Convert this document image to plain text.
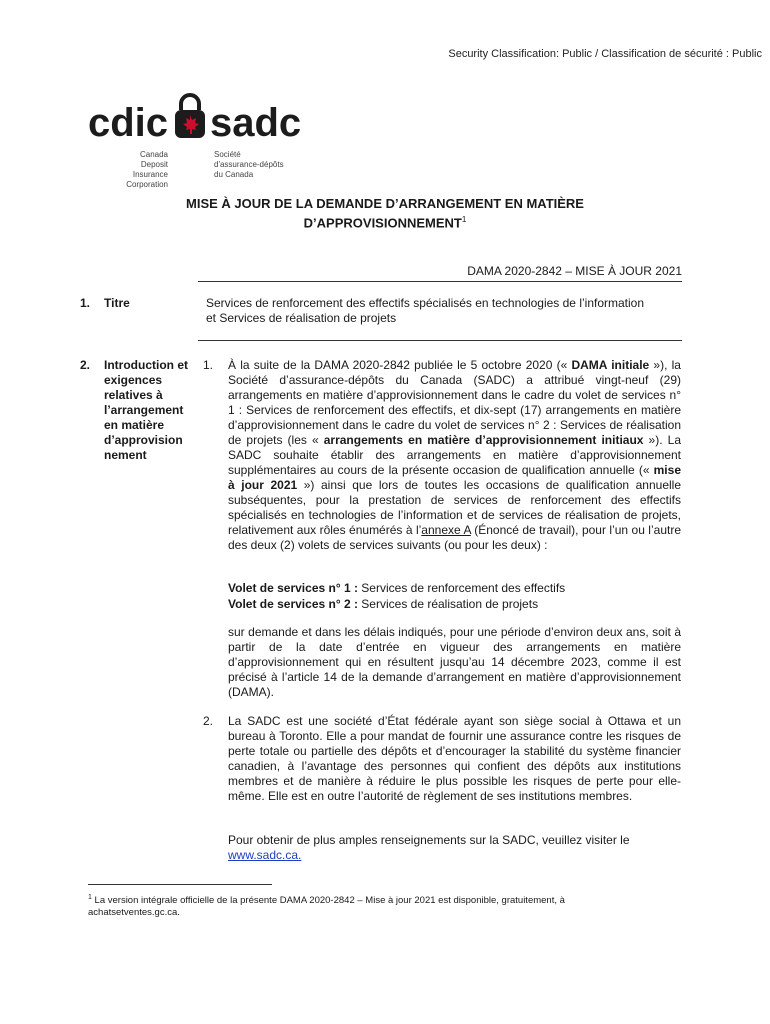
Security Classification: Public / Classification de sécurité : Public
cdic sadc
Canada
Deposit Insurance
Corporation
Société
d'assurance-dépôts
du Canada
MISE À JOUR DE LA DEMANDE D’ARRANGEMENT EN MATIÈRE
D’APPROVISIONNEMENT$^1$
DAMA 2020-2842 – MISE À JOUR 2021
1. Titre	Services de renforcement des effectifs spécialisés en technologies de l’information
et Services de réalisation de projets
2. Introduction et
exigences
relatives à
l’arrangement
en matière
d’approvision
nement
1. À la suite de la DAMA 2020-2842 publiée le 5 octobre 2020 (« DAMA initiale »), la Société d’assurance-dépôts du Canada (SADC) a attribué vingt-neuf (29) arrangements en matière d’approvisionnement dans le cadre du volet de services n° 1 : Services de renforcement des effectifs, et dix-sept (17) arrangements en matière d’approvisionnement dans le cadre du volet de services n° 2 : Services de réalisation de projets (les « arrangements en matière d’approvisionnement initiaux »). La SADC souhaite établir des arrangements en matière d’approvisionnement supplémentaires au cours de la présente occasion de qualification annuelle (« mise à jour 2021 ») ainsi que lors de toutes les occasions de qualification annuelle subséquentes, pour la prestation de services de renforcement des effectifs spécialisés en technologies de l’information et de services de réalisation de projets, relativement aux rôles énumérés à l’annexe A (Énoncé de travail), pour l’un ou l’autre des deux (2) volets de services suivants (ou pour les deux) :
Volet de services n° 1 : Services de renforcement des effectifs
Volet de services n° 2 : Services de réalisation de projets
sur demande et dans les délais indiqués, pour une période d’environ deux ans, soit à partir de la date d’entrée en vigueur des arrangements en matière d’approvisionnement qui en résultent jusqu’au 14 décembre 2023, comme il est précisé à l’article 14 de la demande d’arrangement en matière d’approvisionnement (DAMA).
2. La SADC est une société d’État fédérale ayant son siège social à Ottawa et un bureau à Toronto. Elle a pour mandat de fournir une assurance contre les risques de perte totale ou partielle des dépôts et d’encourager la stabilité du système financier canadien, à l’avantage des personnes qui confient des dépôts aux institutions membres et de manière à réduire le plus possible les risques de perte pour elle-même. Elle est en outre l’autorité de règlement de ses institutions membres.
Pour obtenir de plus amples renseignements sur la SADC, veuillez visiter le
www.sadc.ca.
$^1$ La version intégrale officielle de la présente DAMA 2020-2842 – Mise à jour 2021 est disponible, gratuitement, à achatsetventes.gc.ca.
